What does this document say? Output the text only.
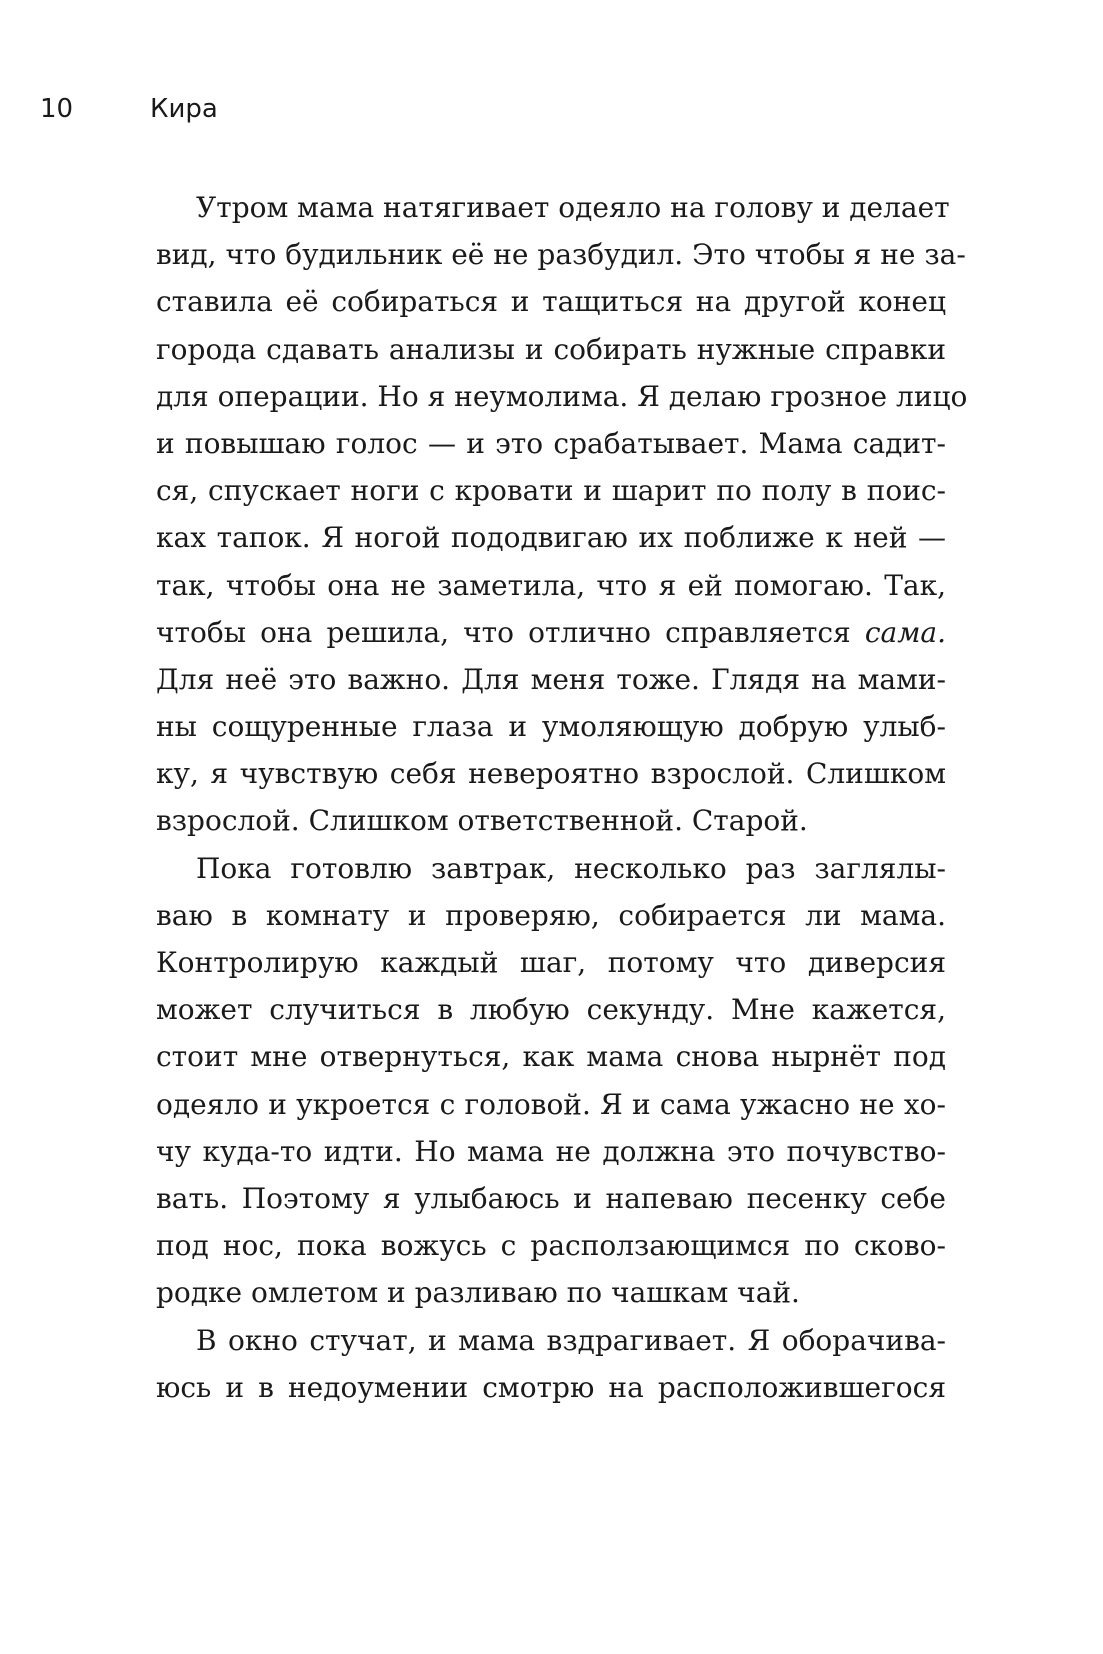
10	Кира
Утром мама натягивает одеяло на голову и делает
вид, что будильник её не разбудил. Это чтобы я не за-
ставила её собираться и тащиться на другой конец
города сдавать анализы и собирать нужные справки
для операции. Но я неумолима. Я делаю грозное лицо
и повышаю голос — и это срабатывает. Мама садит-
ся, спускает ноги с кровати и шарит по полу в поис-
ках тапок. Я ногой пододвигаю их поближе к ней —
так, чтобы она не заметила, что я ей помогаю. Так,
чтобы она решила, что отлично справляется сама.
Для неё это важно. Для меня тоже. Глядя на мами-
ны сощуренные глаза и умоляющую добрую улыб-
ку, я чувствую себя невероятно взрослой. Слишком
взрослой. Слишком ответственной. Старой.
Пока готовлю завтрак, несколько раз заглялы-
ваю в комнату и проверяю, собирается ли мама.
Контролирую каждый шаг, потому что диверсия
может случиться в любую секунду. Мне кажется,
стоит мне отвернуться, как мама снова нырнёт под
одеяло и укроется с головой. Я и сама ужасно не хо-
чу куда-то идти. Но мама не должна это почувство-
вать. Поэтому я улыбаюсь и напеваю песенку себе
под нос, пока вожусь с расползающимся по сково-
родке омлетом и разливаю по чашкам чай.
В окно стучат, и мама вздрагивает. Я оборачива-
юсь и в недоумении смотрю на расположившегося
